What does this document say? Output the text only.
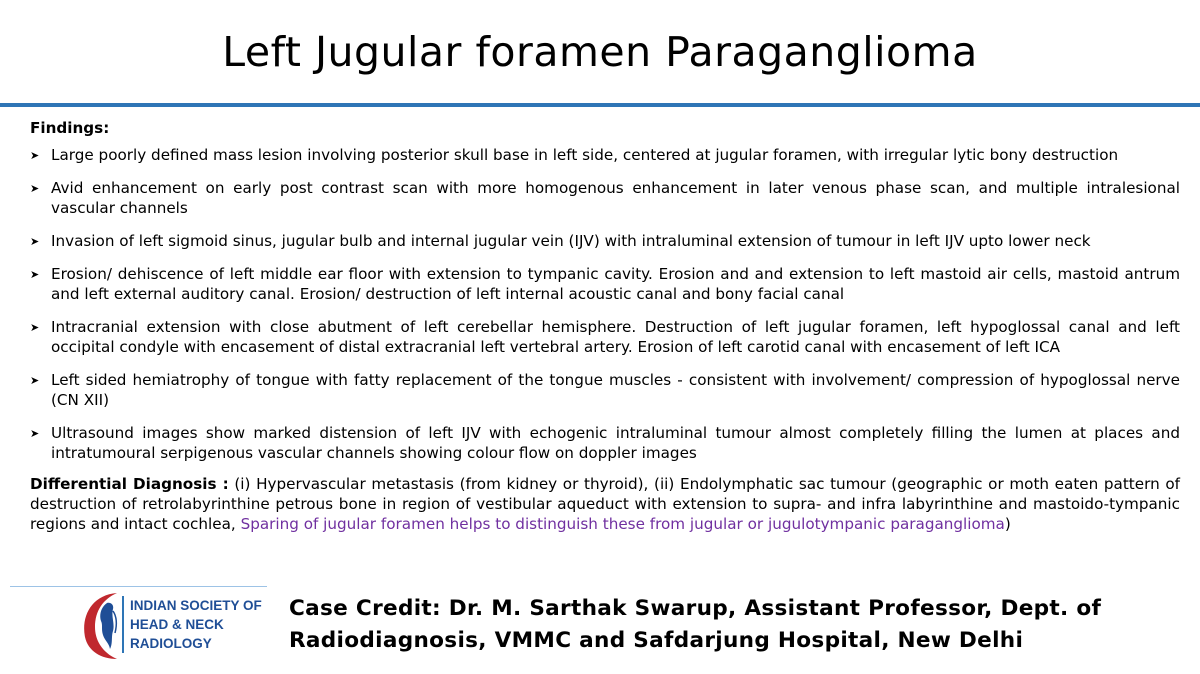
Left Jugular foramen Paraganglioma
Findings:
➤ Large poorly defined mass lesion involving posterior skull base in left side, centered at jugular foramen, with irregular lytic bony destruction
➤ Avid enhancement on early post contrast scan with more homogenous enhancement in later venous phase scan, and multiple intralesional vascular channels
➤ Invasion of left sigmoid sinus, jugular bulb and internal jugular vein (IJV) with intraluminal extension of tumour in left IJV upto lower neck
➤ Erosion/ dehiscence of left middle ear floor with extension to tympanic cavity. Erosion and and extension to left mastoid air cells, mastoid antrum and left external auditory canal. Erosion/ destruction of left internal acoustic canal and bony facial canal
➤ Intracranial extension with close abutment of left cerebellar hemisphere. Destruction of left jugular foramen, left hypoglossal canal and left occipital condyle with encasement of distal extracranial left vertebral artery. Erosion of left carotid canal with encasement of left ICA
➤ Left sided hemiatrophy of tongue with fatty replacement of the tongue muscles - consistent with involvement/ compression of hypoglossal nerve (CN XII)
➤ Ultrasound images show marked distension of left IJV with echogenic intraluminal tumour almost completely filling the lumen at places and intratumoural serpigenous vascular channels showing colour flow on doppler images
Differential Diagnosis : (i) Hypervascular metastasis (from kidney or thyroid), (ii) Endolymphatic sac tumour (geographic or moth eaten pattern of destruction of retrolabyrinthine petrous bone in region of vestibular aqueduct with extension to supra- and infra labyrinthine and mastoido-tympanic regions and intact cochlea, Sparing of jugular foramen helps to distinguish these from jugular or jugulotympanic paraganglioma)
INDIAN SOCIETY OF
HEAD & NECK
RADIOLOGY
Case Credit: Dr. M. Sarthak Swarup, Assistant Professor, Dept. of
Radiodiagnosis, VMMC and Safdarjung Hospital, New Delhi
